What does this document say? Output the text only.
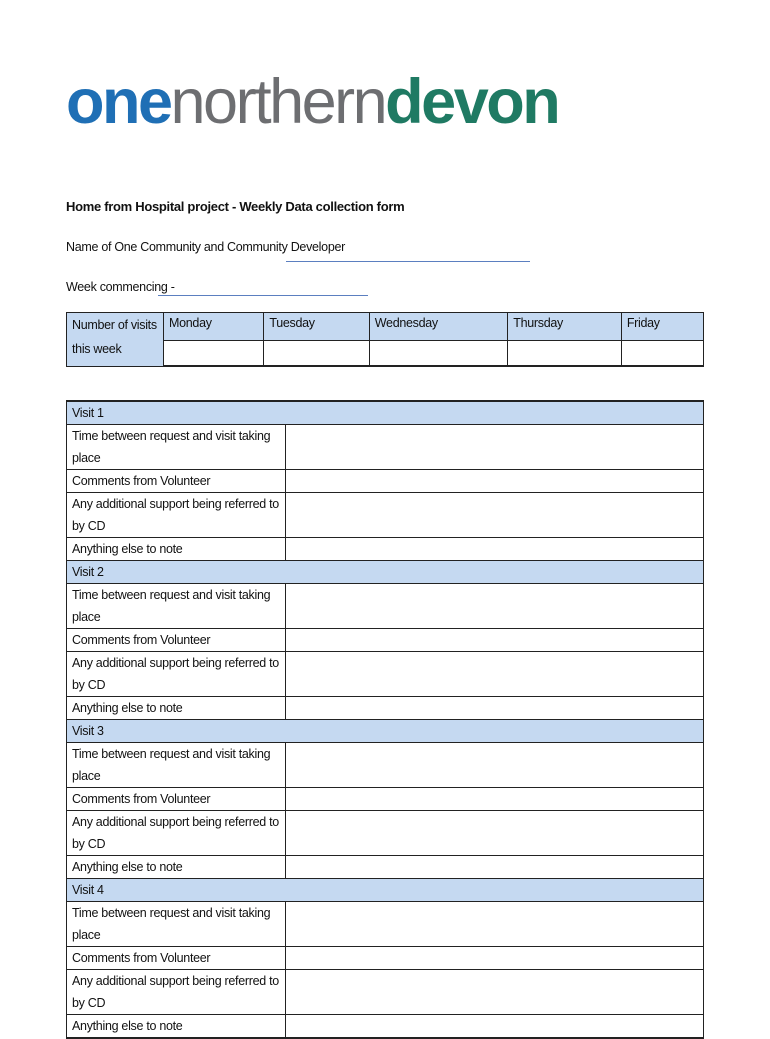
onenortherndevon
Home from Hospital project - Weekly Data collection form
Name of One Community and Community Developer
Week commencing -
Number of visits this week	Monday	Tuesday	Wednesday	Thursday	Friday

Visit 1	
Time between request and visit taking place	
Comments from Volunteer	
Any additional support being referred to by CD	
Anything else to note	
Visit 2	
Time between request and visit taking place	
Comments from Volunteer	
Any additional support being referred to by CD	
Anything else to note	
Visit 3	
Time between request and visit taking place	
Comments from Volunteer	
Any additional support being referred to by CD	
Anything else to note	
Visit 4	
Time between request and visit taking place	
Comments from Volunteer	
Any additional support being referred to by CD	
Anything else to note	
